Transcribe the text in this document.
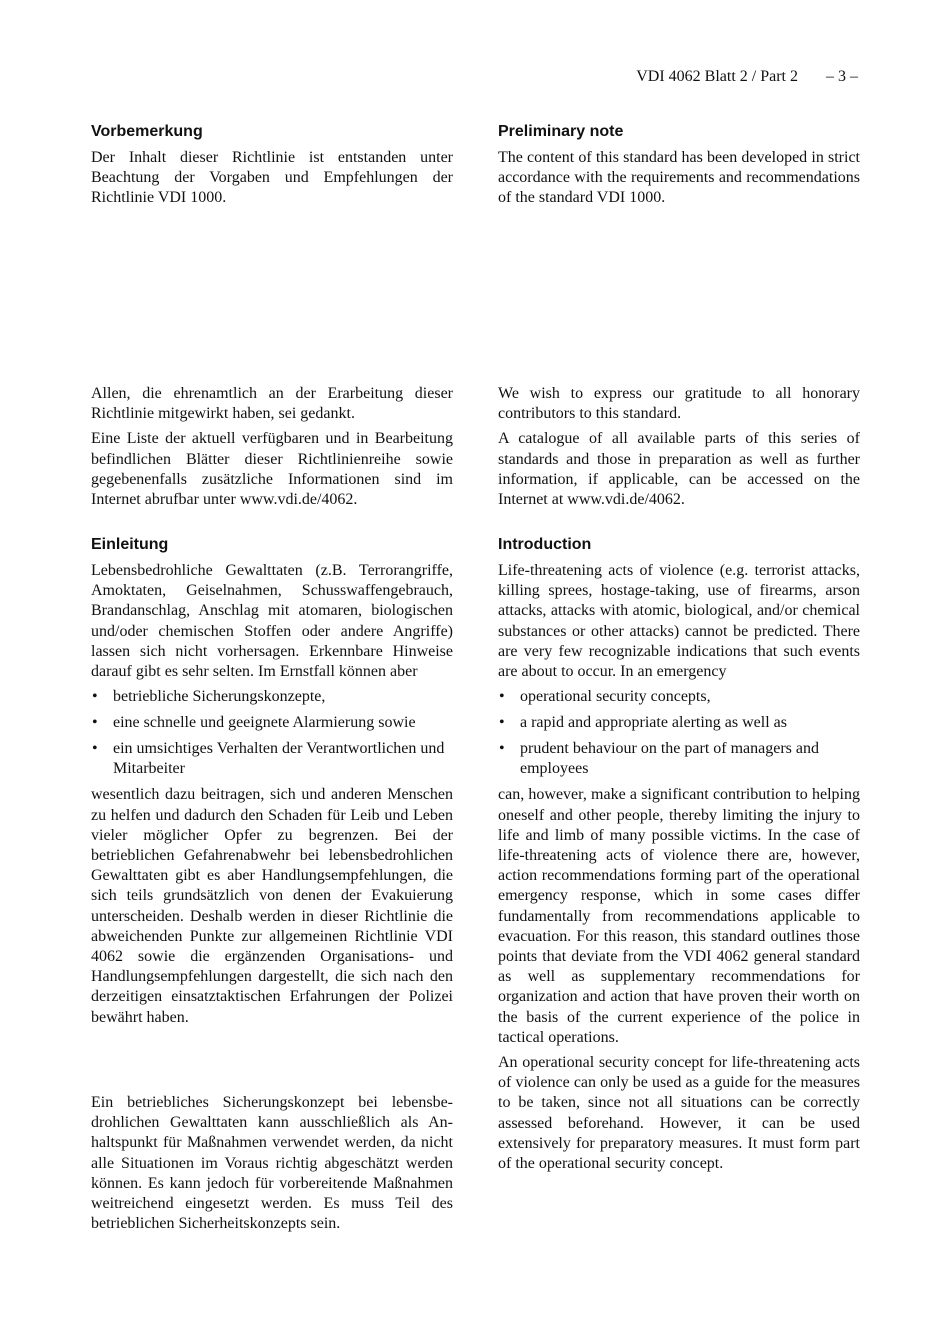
VDI 4062 Blatt 2 / Part 2 – 3 –
Vorbemerkung

Der Inhalt dieser Richtlinie ist entstanden unter Beachtung der Vorgaben und Empfehlungen der Richtlinie VDI 1000.

Allen, die ehrenamtlich an der Erarbeitung dieser Richtlinie mitgewirkt haben, sei gedankt.

Eine Liste der aktuell verfügbaren und in Bearbeitung befindlichen Blätter dieser Richtlinienreihe sowie gegebenenfalls zusätzliche Informationen sind im Internet abrufbar unter www.vdi.de/4062.

Einleitung

Lebensbedrohliche Gewalttaten (z.B. Terrorangriffe, Amoktaten, Geiselnahmen, Schusswaffengebrauch, Brandanschlag, Anschlag mit atomaren, biologischen und/oder chemischen Stoffen oder andere Angriffe) lassen sich nicht vorhersagen. Erkennbare Hinweise darauf gibt es sehr selten. Im Ernstfall können aber

• betriebliche Sicherungskonzepte,
• eine schnelle und geeignete Alarmierung sowie
• ein umsichtiges Verhalten der Verantwortlichen und Mitarbeiter

wesentlich dazu beitragen, sich und anderen Menschen zu helfen und dadurch den Schaden für Leib und Leben vieler möglicher Opfer zu begrenzen. Bei der betrieblichen Gefahrenabwehr bei lebensbedrohlichen Gewalttaten gibt es aber Handlungsempfehlungen, die sich teils grundsätzlich von denen der Evakuierung unterscheiden. Deshalb werden in dieser Richtlinie die abweichenden Punkte zur allgemeinen Richtlinie VDI 4062 sowie die ergänzenden Organisations- und Handlungsempfehlungen dargestellt, die sich nach den derzeitigen einsatztaktischen Erfahrungen der Polizei bewährt haben.

Ein betriebliches Sicherungskonzept bei lebensbedrohlichen Gewalttaten kann ausschließlich als Anhaltspunkt für Maßnahmen verwendet werden, da nicht alle Situationen im Voraus richtig abgeschätzt werden können. Es kann jedoch für vorbereitende Maßnahmen weitreichend eingesetzt werden. Es muss Teil des betrieblichen Sicherheitskonzepts sein.

Preliminary note

The content of this standard has been developed in strict accordance with the requirements and recommendations of the standard VDI 1000.

We wish to express our gratitude to all honorary contributors to this standard.

A catalogue of all available parts of this series of standards and those in preparation as well as further information, if applicable, can be accessed on the Internet at www.vdi.de/4062.

Introduction

Life-threatening acts of violence (e.g. terrorist attacks, killing sprees, hostage-taking, use of firearms, arson attacks, attacks with atomic, biological, and/or chemical substances or other attacks) cannot be predicted. There are very few recognizable indications that such events are about to occur. In an emergency

• operational security concepts,
• a rapid and appropriate alerting as well as
• prudent behaviour on the part of managers and employees

can, however, make a significant contribution to helping oneself and other people, thereby limiting the injury to life and limb of many possible victims. In the case of life-threatening acts of violence there are, however, action recommendations forming part of the operational emergency response, which in some cases differ fundamentally from recommendations applicable to evacuation. For this reason, this standard outlines those points that deviate from the VDI 4062 general standard as well as supplementary recommendations for organization and action that have proven their worth on the basis of the current experience of the police in tactical operations.

An operational security concept for life-threatening acts of violence can only be used as a guide for the measures to be taken, since not all situations can be correctly assessed beforehand. However, it can be used extensively for preparatory measures. It must form part of the operational security concept.
